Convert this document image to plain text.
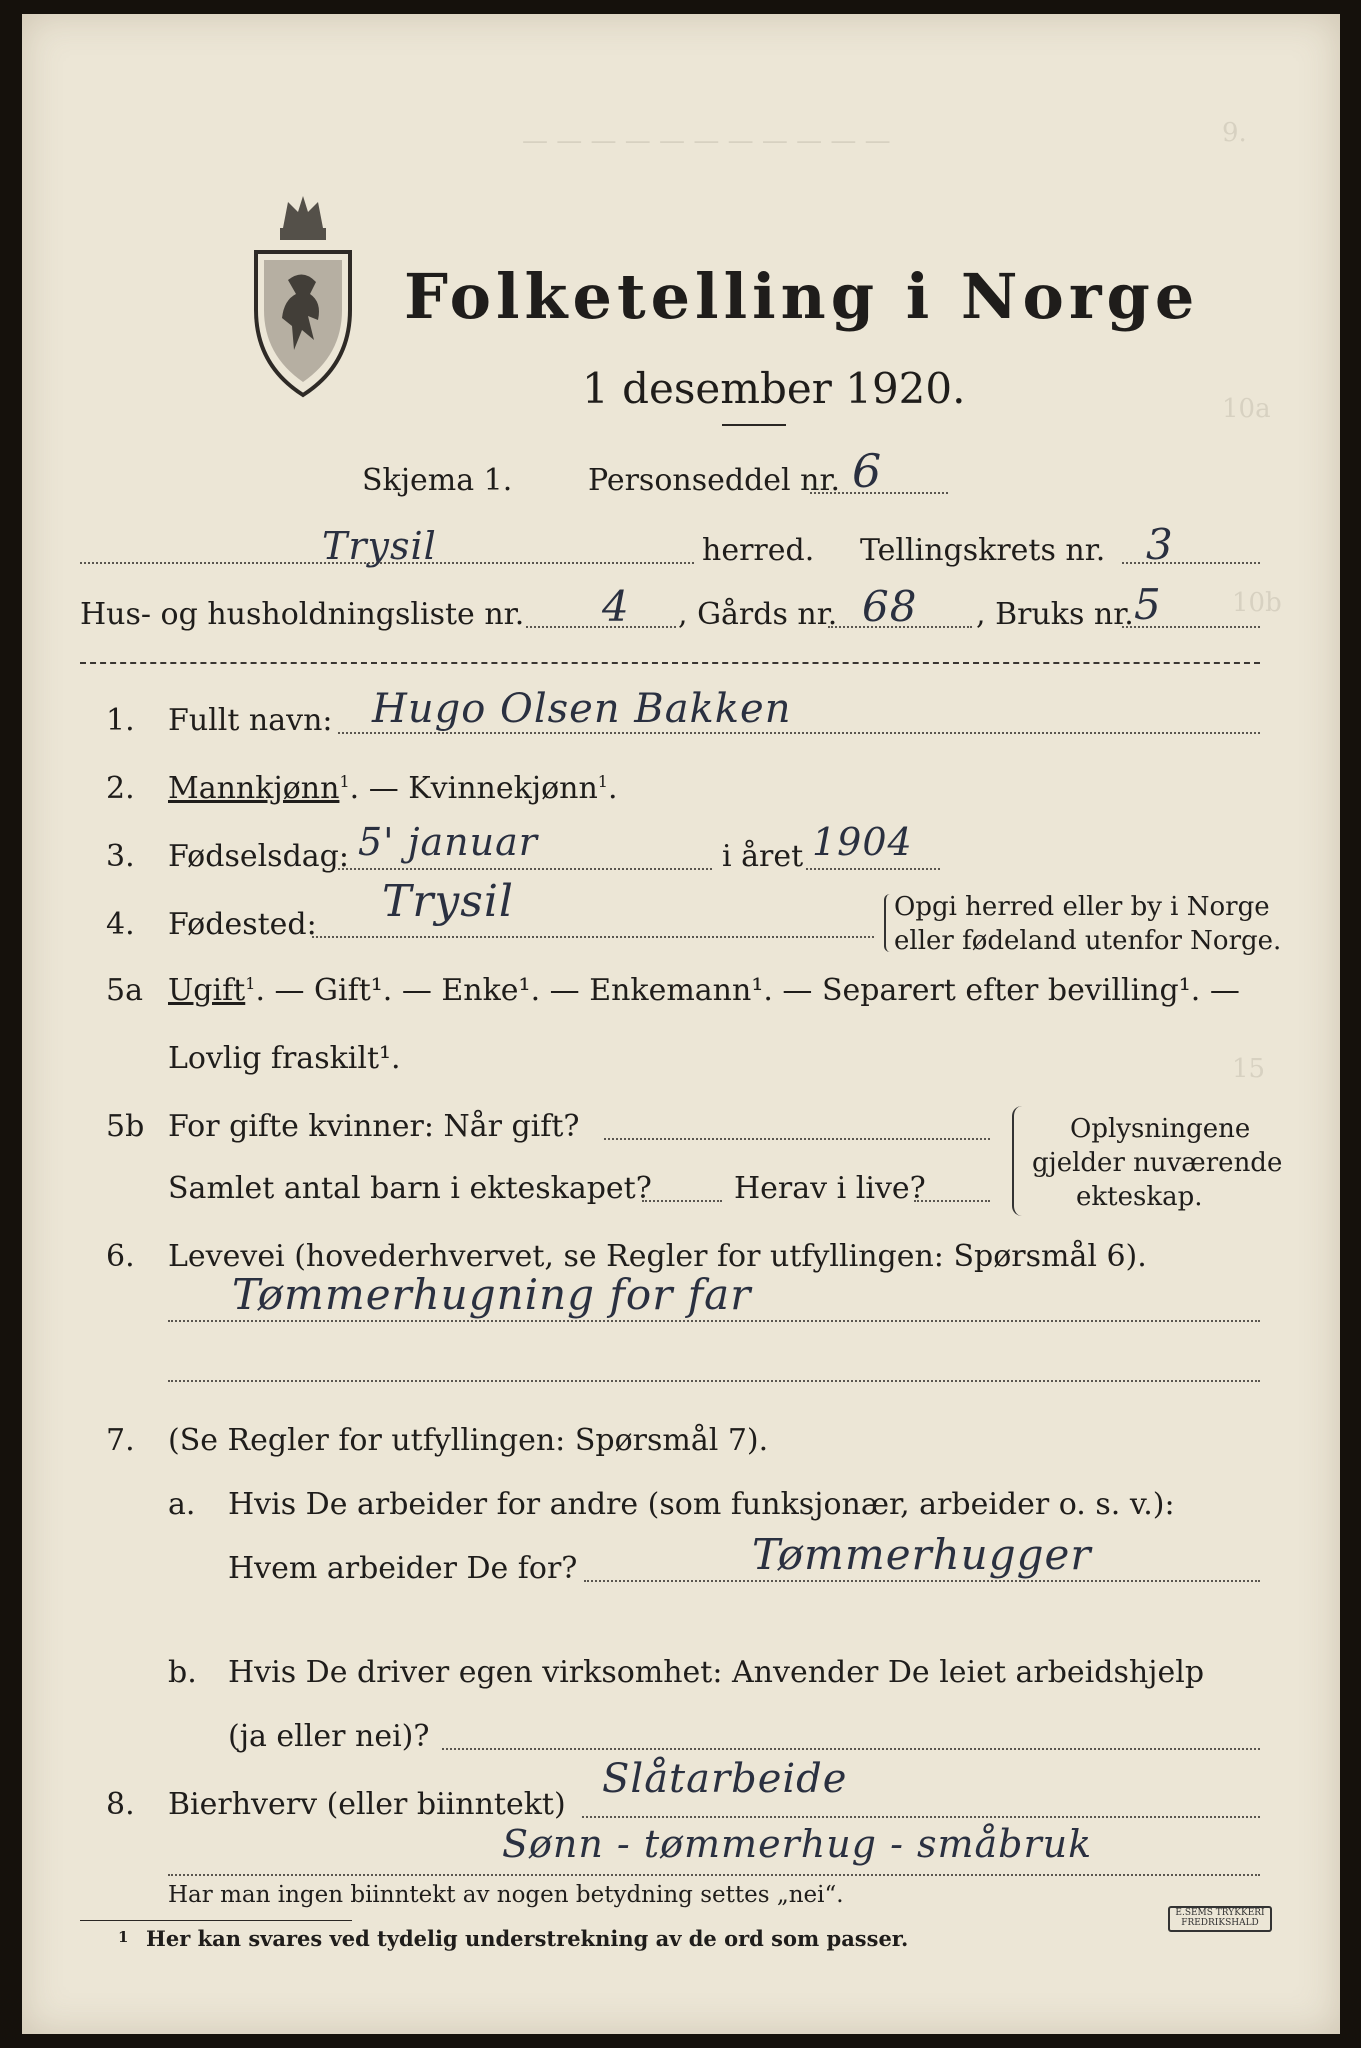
— — — — — — — — — — —	9.
10a
10b
15
Folketelling i Norge
1 desember 1920.
Skjema 1.	Personseddel nr. 6
Trysil	herred. Tellingskrets nr. 3
Hus- og husholdningsliste nr. 4 , Gårds nr. 68 , Bruks nr. 5
1. Fullt navn: Hugo Olsen Bakken
2. Mannkjønn$^1$. — Kvinnekjønn$^1$.
3. Fødselsdag: 5' januar	i året 1904
4. Fødested: Trysil	Opgi herred eller by i Norge
eller fødeland utenfor Norge.
5a Ugift$^1$. — Gift¹. — Enke¹. — Enkemann¹. — Separert efter bevilling¹. —
Lovlig fraskilt¹.
5b For gifte kvinner: Når gift?
Samlet antal barn i ekteskapet?	Herav i live?
Oplysningene
gjelder nuværende
ekteskap.
6. Levevei (hovederhvervet, se Regler for utfyllingen: Spørsmål 6).
Tømmerhugning for far
7. (Se Regler for utfyllingen: Spørsmål 7).
a. Hvis De arbeider for andre (som funksjonær, arbeider o. s. v.):
Hvem arbeider De for?	Tømmerhugger
b. Hvis De driver egen virksomhet: Anvender De leiet arbeidshjelp
(ja eller nei)?
8. Bierhverv (eller biinntekt)
Slåtarbeide
Sønn - tømmerhug - småbruk
Har man ingen biinntekt av nogen betydning settes „nei“.
1 Her kan svares ved tydelig understrekning av de ord som passer.
E.SEMS TRYKKERI FREDRIKSHALD
